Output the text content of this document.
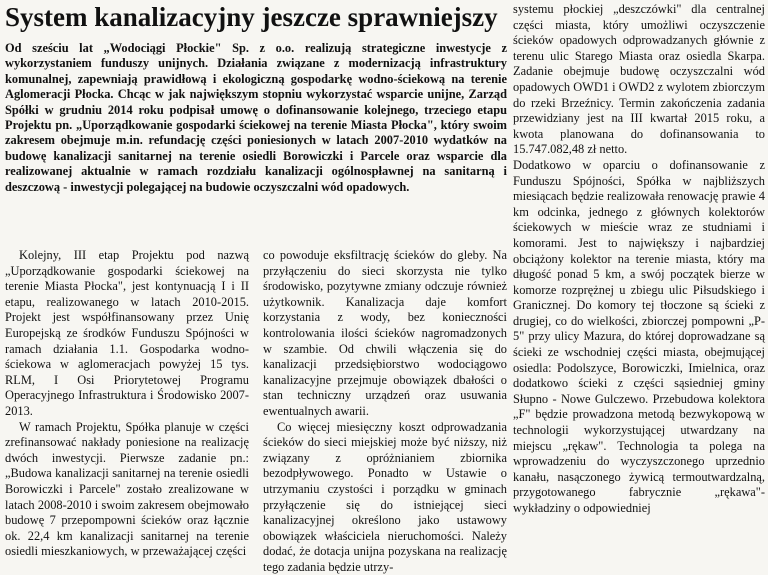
System kanalizacyjny jeszcze sprawniejszy
Od sześciu lat „Wodociągi Płockie" Sp. z o.o. realizują strategiczne inwestycje z wykorzystaniem funduszy unijnych. Działania związane z modernizacją infrastruktury komunalnej, zapewniają prawidłową i ekologiczną gospodarkę wodno-ściekową na terenie Aglomeracji Płocka. Chcąc w jak największym stopniu wykorzystać wsparcie unijne, Zarząd Spółki w grudniu 2014 roku podpisał umowę o dofinansowanie kolejnego, trzeciego etapu Projektu pn. „Uporządkowanie gospodarki ściekowej na terenie Miasta Płocka", który swoim zakresem obejmuje m.in. refundację części poniesionych w latach 2007-2010 wydatków na budowę kanalizacji sanitarnej na terenie osiedli Borowiczki i Parcele oraz wsparcie dla realizowanej aktualnie w ramach rozdziału kanalizacji ogólnospławnej na sanitarną i deszczową - inwestycji polegającej na budowie oczyszczalni wód opadowych.

Kolejny, III etap Projektu pod nazwą „Uporządkowanie gospodarki ściekowej na terenie Miasta Płocka", jest kontynuacją I i II etapu, realizowanego w latach 2010-2015. Projekt jest współfinansowany przez Unię Europejską ze środków Funduszu Spójności w ramach działania 1.1. Gospodarka wodno-ściekowa w aglomeracjach powyżej 15 tys. RLM, I Osi Priorytetowej Programu Operacyjnego Infrastruktura i Środowisko 2007-2013.

W ramach Projektu, Spółka planuje w części zrefinansować nakłady poniesione na realizację dwóch inwestycji. Pierwsze zadanie pn.: „Budowa kanalizacji sanitarnej na terenie osiedli Borowiczki i Parcele" zostało zrealizowane w latach 2008-2010 i swoim zakresem obejmowało budowę 7 przepompowni ścieków oraz łącznie ok. 22,4 km kanalizacji sanitarnej na terenie osiedli mieszkaniowych, w przeważającej części

co powoduje eksfiltrację ścieków do gleby. Na przyłączeniu do sieci skorzysta nie tylko środowisko, pozytywne zmiany odczuje również użytkownik. Kanalizacja daje komfort korzystania z wody, bez konieczności kontrolowania ilości ścieków nagromadzonych w szambie. Od chwili włączenia się do kanalizacji przedsiębiorstwo wodociągowo kanalizacyjne przejmuje obowiązek dbałości o stan techniczny urządzeń oraz usuwania ewentualnych awarii.

Co więcej miesięczny koszt odprowadzania ścieków do sieci miejskiej może być niższy, niż związany z opróżnianiem zbiornika bezodpływowego. Ponadto w Ustawie o utrzymaniu czystości i porządku w gminach przyłączenie się do istniejącej sieci kanalizacyjnej określono jako ustawowy obowiązek właściciela nieruchomości. Należy dodać, że dotacja unijna pozyskana na realizację tego zadania będzie utrzy-

systemu płockiej „deszczówki" dla centralnej części miasta, który umożliwi oczyszczenie ścieków opadowych odprowadzanych głównie z terenu ulic Starego Miasta oraz osiedla Skarpa. Zadanie obejmuje budowę oczyszczalni wód opadowych OWD1 i OWD2 z wylotem zbiorczym do rzeki Brzeźnicy. Termin zakończenia zadania przewidziany jest na III kwartał 2015 roku, a kwota planowana do dofinansowania to 15.747.082,48 zł netto.

Dodatkowo w oparciu o dofinansowanie z Funduszu Spójności, Spółka w najbliższych miesiącach będzie realizowała renowację prawie 4 km odcinka, jednego z głównych kolektorów ściekowych w mieście wraz ze studniami i komorami. Jest to największy i najbardziej obciążony kolektor na terenie miasta, który ma długość ponad 5 km, a swój początek bierze w komorze rozprężnej u zbiegu ulic Piłsudskiego i Granicznej. Do komory tej tłoczone są ścieki z drugiej, co do wielkości, zbiorczej pompowni „P-5" przy ulicy Mazura, do której doprowadzane są ścieki ze wschodniej części miasta, obejmującej osiedla: Podolszyce, Borowiczki, Imielnica, oraz dodatkowo ścieki z części sąsiedniej gminy Słupno - Nowe Gulczewo. Przebudowa kolektora „F" będzie prowadzona metodą bezwykopową w technologii wykorzystującej utwardzany na miejscu „rękaw". Technologia ta polega na wprowadzeniu do wyczyszczonego uprzednio kanału, nasączonego żywicą termoutwardzalną, przygotowanego fabrycznie „rękawa"- wykładziny o odpowiedniej
